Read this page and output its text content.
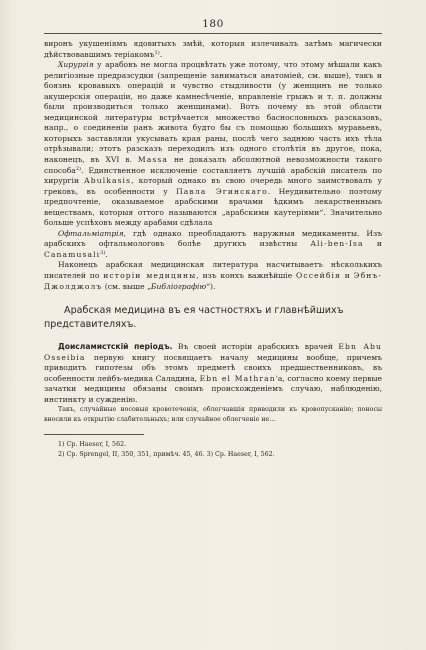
180

виронъ укушенiямъ ядовитыхъ змѣй, которыя излечивалъ затѣмъ магически дѣйствовавшимъ терiакомъ$^{1)}$.

Хирургiя у арабовъ не могла процвѣтать уже потому, что этому мѣшали какъ религiозные предразсудки (запрещенiе заниматься анатомiей, см. выше), такъ и боязнь кровавыхъ операцiй и чувство стыдливости (у женщинъ не только акушерскiя операцiи, но даже камнесѣченiе, вправленiе грыжъ и т. п. должны были производиться только женщинами). Вотъ почему въ этой области медицинской литературы встрѣчается множество баснословныхъ разсказовъ, напр., о соединенiи ранъ живота будто бы съ помощью большихъ муравьевъ, которыхъ заставляли укусывать края раны, послѣ чего заднюю часть ихъ тѣла отрѣзывали; этотъ разсказъ переходилъ изъ одного столѣтiя въ другое, пока, наконецъ, въ XVI в. Massa не доказалъ абсолютной невозможности такого способа$^{2)}$. Единственное исключенiе составляетъ лучшiй арабскiй писатель по хирургiи Abulkasis, который однако въ свою очередь много заимствовалъ у грековъ, въ особенности у Павла Эгинскаго. Неудивительно поэтому предпочтенiе, оказываемое арабскими врачами ѣдкимъ лекарственнымъ веществамъ, которыя оттого называются „арабскими каутерiями“. Значительно больше успѣховъ между арабами сдѣлала

Офтальмiатрiя, гдѣ однако преобладаютъ наружныя медикаменты. Изъ арабскихъ офтальмологовъ болѣе другихъ извѣстны Ali-ben-Isa и Canamusali$^{3)}$.

Наконецъ арабская медицинская литература насчитываетъ нѣсколькихъ писателей по исторiи медицины, изъ конхъ важнѣйшiе Оссейбiя и Эбнъ-Джолджолъ (см. выше „Библiографiю“).

Арабская медицина въ ея частностяхъ и главнѣйшихъ представителяхъ.

Доисламистскiй перiодъ. Въ своей исторiи арабскихъ врачей Ebn Abu Osseibia первую книгу посвящаетъ началу медицины вообще, причемъ приводитъ гипотезы объ этомъ предметѣ своихъ предшественниковъ, въ особенности лейбъ-медика Саладина, Ebn el Mathran'а, согласно коему первые зачатки медицины обязаны своимъ происхожденiемъ случаю, наблюденiю, инстинкту и сужденiю.

Такъ, случайные носовыя кровотеченiя, облегчавшiя приводили къ кровопусканiю; поносы вносили къ открытiю слабительныхъ; или случайное облегченiе не...

1) Ср. Haeser, I, 562.
2) Ср. Sprengel, II, 350, 351, примѣч. 45, 46. 3) Ср. Haeser, I, 562.
